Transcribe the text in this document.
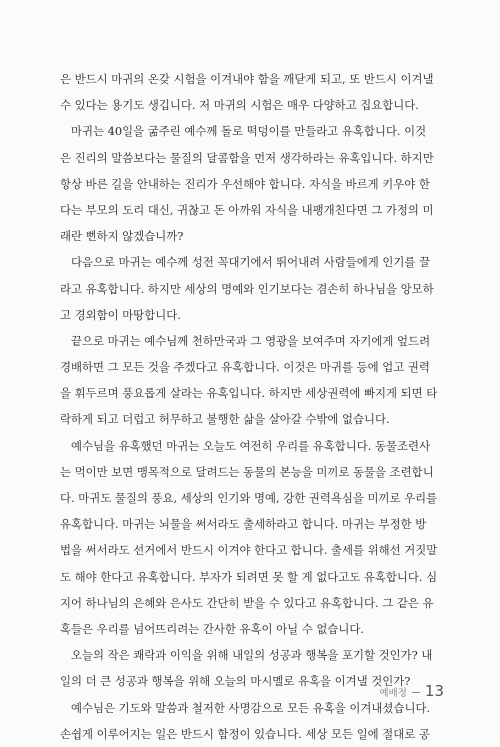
은 반드시 마귀의 온갖 시험을 이겨내야 함을 깨닫게 되고, 또 반드시 이겨낼
수 있다는 용기도 생깁니다. 저 마귀의 시험은 매우 다양하고 집요합니다.
마귀는 40일을 굶주린 예수께 돌로 떡덩이를 만들라고 유혹합니다. 이것
은 진리의 말씀보다는 물질의 달콤함을 먼저 생각하라는 유혹입니다. 하지만
항상 바른 길을 안내하는 진리가 우선해야 합니다. 자식을 바르게 키우야 한
다는 부모의 도리 대신, 귀찮고 돈 아까워 자식을 내팽개친다면 그 가정의 미
래란 뻔하지 않겠습니까?
다음으로 마귀는 예수께 성전 꼭대기에서 뛰어내려 사람들에게 인기를 끌
라고 유혹합니다. 하지만 세상의 명예와 인기보다는 겸손히 하나님을 앙모하
고 경외함이 마땅합니다.
끝으로 마귀는 예수님께 천하만국과 그 영광을 보여주며 자기에게 엎드려
경배하면 그 모든 것을 주겠다고 유혹합니다. 이것은 마귀를 등에 업고 권력
을 휘두르며 풍요롭게 살라는 유혹입니다. 하지만 세상권력에 빠지게 되면 타
락하게 되고 더럽고 허무하고 불행한 삶을 살아갈 수밖에 없습니다.
예수님을 유혹했던 마귀는 오늘도 여전히 우리를 유혹합니다. 동물조련사
는 먹이만 보면 맹목적으로 달려드는 동물의 본능을 미끼로 동물을 조련합니
다. 마귀도 물질의 풍요, 세상의 인기와 명예, 강한 권력욕심을 미끼로 우리를
유혹합니다. 마귀는 뇌물을 써서라도 출세하라고 합니다. 마귀는 부정한 방
법을 써서라도 선거에서 반드시 이겨야 한다고 합니다. 출세를 위해선 거짓말
도 해야 한다고 유혹합니다. 부자가 되려면 못 할 게 없다고도 유혹합니다. 심
지어 하나님의 은혜와 은사도 간단히 받을 수 있다고 유혹합니다. 그 같은 유
혹들은 우리를 넘어뜨리려는 간사한 유혹이 아닐 수 없습니다.
오늘의 작은 쾌락과 이익을 위해 내일의 성공과 행복을 포기할 것인가? 내
일의 더 큰 성공과 행복을 위해 오늘의 마시멜로 유혹을 이겨낼 것인가?
예수님은 기도와 말씀과 철저한 사명감으로 모든 유혹을 이겨내셨습니다.
손쉽게 이루어지는 일은 반드시 함정이 있습니다. 세상 모든 일에 절대로 공
예배정 13
